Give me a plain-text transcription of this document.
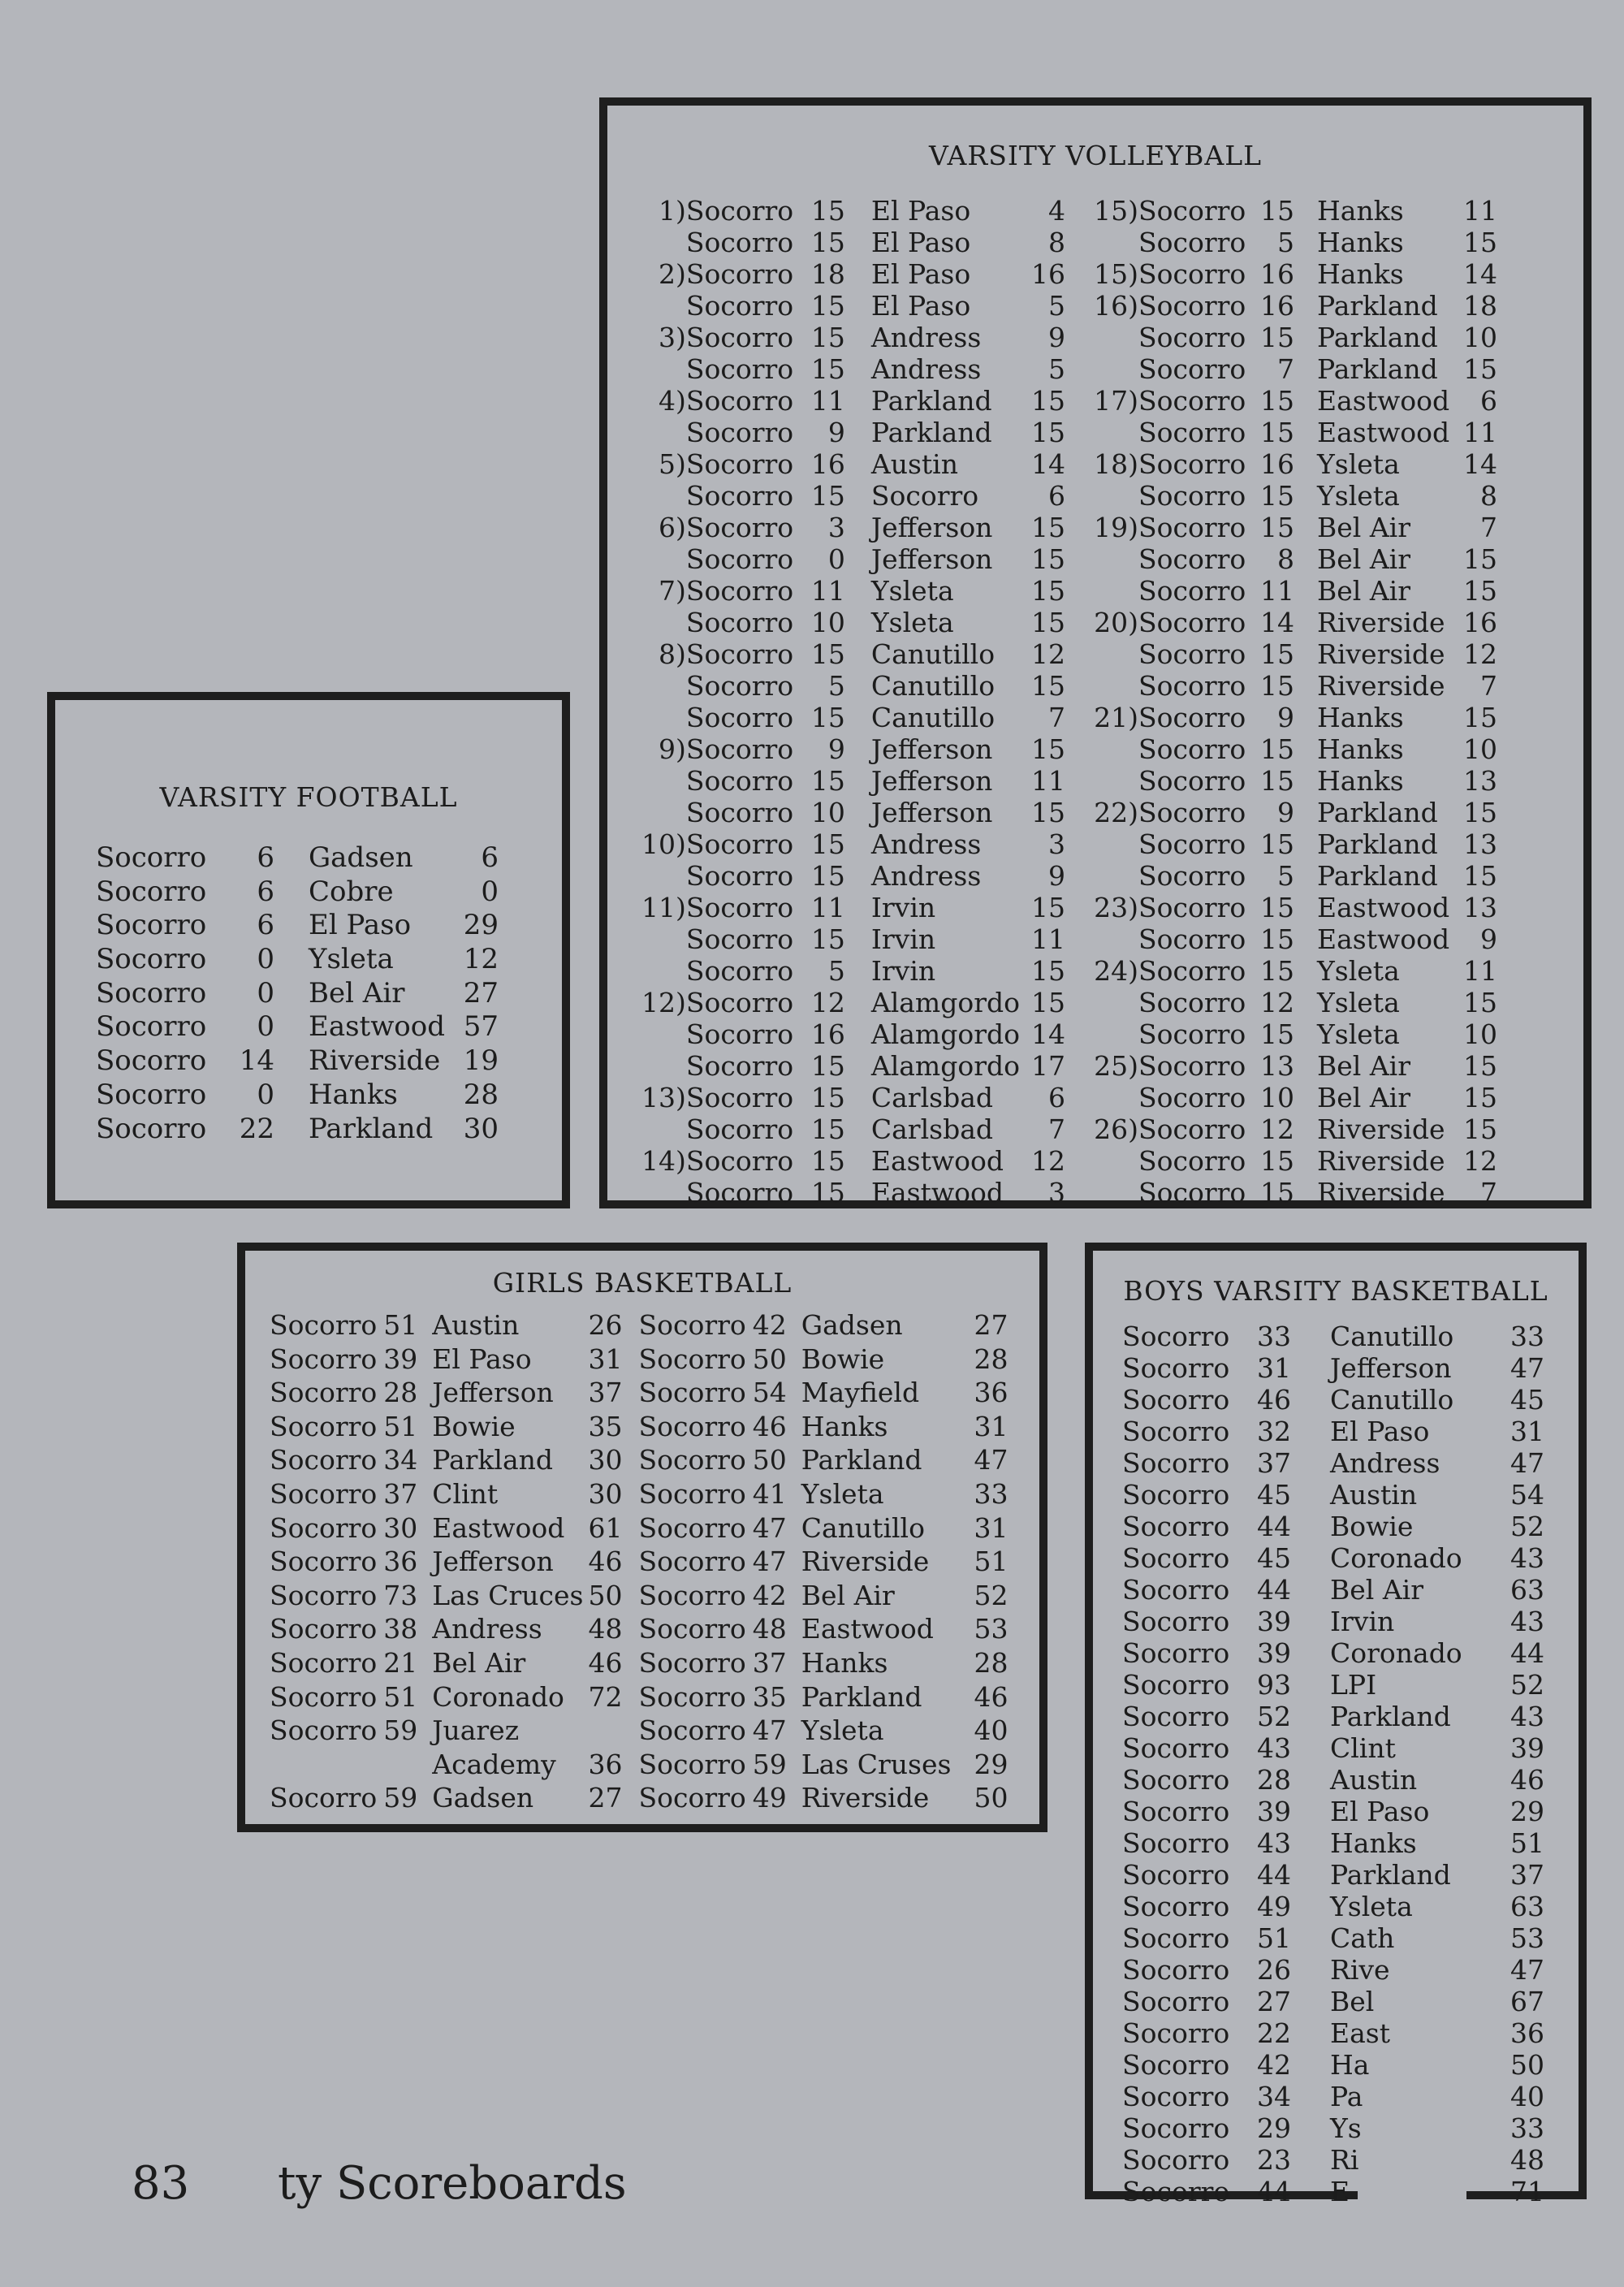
VARSITY VOLLEYBALL
1)	Socorro	15		El Paso	4	15)	Socorro	15		Hanks	11
	Socorro	15		El Paso	8		Socorro	5		Hanks	15
2)	Socorro	18		El Paso	16	15)	Socorro	16		Hanks	14
	Socorro	15		El Paso	5	16)	Socorro	16		Parkland	18
3)	Socorro	15		Andress	9		Socorro	15		Parkland	10
	Socorro	15		Andress	5		Socorro	7		Parkland	15
4)	Socorro	11		Parkland	15	17)	Socorro	15		Eastwood	6
	Socorro	9		Parkland	15		Socorro	15		Eastwood	11
5)	Socorro	16		Austin	14	18)	Socorro	16		Ysleta	14
	Socorro	15		Socorro	6		Socorro	15		Ysleta	8
6)	Socorro	3		Jefferson	15	19)	Socorro	15		Bel Air	7
	Socorro	0		Jefferson	15		Socorro	8		Bel Air	15
7)	Socorro	11		Ysleta	15		Socorro	11		Bel Air	15
	Socorro	10		Ysleta	15	20)	Socorro	14		Riverside	16
8)	Socorro	15		Canutillo	12		Socorro	15		Riverside	12
	Socorro	5		Canutillo	15		Socorro	15		Riverside	7
	Socorro	15		Canutillo	7	21)	Socorro	9		Hanks	15
9)	Socorro	9		Jefferson	15		Socorro	15		Hanks	10
	Socorro	15		Jefferson	11		Socorro	15		Hanks	13
	Socorro	10		Jefferson	15	22)	Socorro	9		Parkland	15
10)	Socorro	15		Andress	3		Socorro	15		Parkland	13
	Socorro	15		Andress	9		Socorro	5		Parkland	15
11)	Socorro	11		Irvin	15	23)	Socorro	15		Eastwood	13
	Socorro	15		Irvin	11		Socorro	15		Eastwood	9
	Socorro	5		Irvin	15	24)	Socorro	15		Ysleta	11
12)	Socorro	12		Alamgordo	15		Socorro	12		Ysleta	15
	Socorro	16		Alamgordo	14		Socorro	15		Ysleta	10
	Socorro	15		Alamgordo	17	25)	Socorro	13		Bel Air	15
13)	Socorro	15		Carlsbad	6		Socorro	10		Bel Air	15
	Socorro	15		Carlsbad	7	26)	Socorro	12		Riverside	15
14)	Socorro	15		Eastwood	12		Socorro	15		Riverside	12
	Socorro	15		Eastwood	3		Socorro	15		Riverside	7
VARSITY FOOTBALL
Socorro	6		Gadsen	6
Socorro	6		Cobre	0
Socorro	6		El Paso	29
Socorro	0		Ysleta	12
Socorro	0		Bel Air	27
Socorro	0		Eastwood	57
Socorro	14		Riverside	19
Socorro	0		Hanks	28
Socorro	22		Parkland	30
GIRLS BASKETBALL
Socorro	51		Austin	26		Socorro	42		Gadsen	27
Socorro	39		El Paso	31		Socorro	50		Bowie	28
Socorro	28		Jefferson	37		Socorro	54		Mayfield	36
Socorro	51		Bowie	35		Socorro	46		Hanks	31
Socorro	34		Parkland	30		Socorro	50		Parkland	47
Socorro	37		Clint	30		Socorro	41		Ysleta	33
Socorro	30		Eastwood	61		Socorro	47		Canutillo	31
Socorro	36		Jefferson	46		Socorro	47		Riverside	51
Socorro	73		Las Cruces	50		Socorro	42		Bel Air	52
Socorro	38		Andress	48		Socorro	48		Eastwood	53
Socorro	21		Bel Air	46		Socorro	37		Hanks	28
Socorro	51		Coronado	72		Socorro	35		Parkland	46
Socorro	59		Juarez			Socorro	47		Ysleta	40
			Academy	36		Socorro	59		Las Cruses	29
Socorro	59		Gadsen	27		Socorro	49		Riverside	50
BOYS VARSITY BASKETBALL
Socorro	33		Canutillo	33
Socorro	31		Jefferson	47
Socorro	46		Canutillo	45
Socorro	32		El Paso	31
Socorro	37		Andress	47
Socorro	45		Austin	54
Socorro	44		Bowie	52
Socorro	45		Coronado	43
Socorro	44		Bel Air	63
Socorro	39		Irvin	43
Socorro	39		Coronado	44
Socorro	93		LPI	52
Socorro	52		Parkland	43
Socorro	43		Clint	39
Socorro	28		Austin	46
Socorro	39		El Paso	29
Socorro	43		Hanks	51
Socorro	44		Parkland	37
Socorro	49		Ysleta	63
Socorro	51		Cath	53
Socorro	26		Rive	47
Socorro	27		Bel	67
Socorro	22		East	36
Socorro	42		Ha	50
Socorro	34		Pa	40
Socorro	29		Ys	33
Socorro	23		Ri	48
Socorro	44		E	71
83 ty Scoreboards
